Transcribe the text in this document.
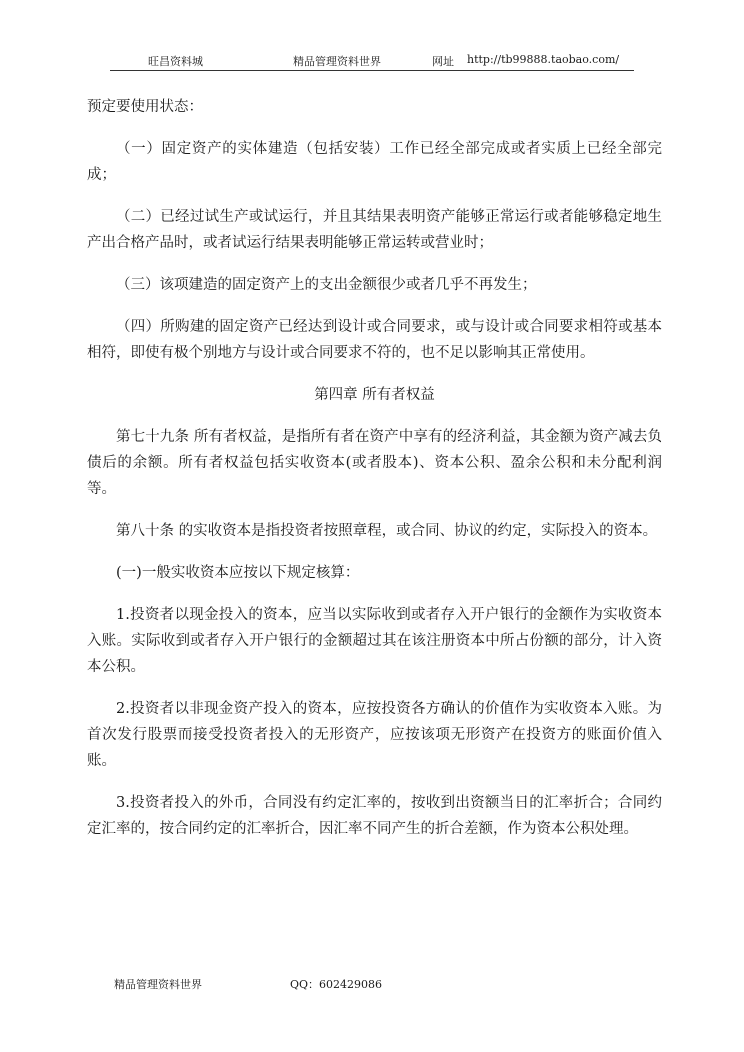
旺昌资料城	精品管理资料世界	网址 http://tb99888.taobao.com/

预定要使用状态：

（一）固定资产的实体建造（包括安装）工作已经全部完成或者实质上已经全部完成；

（二）已经过试生产或试运行，并且其结果表明资产能够正常运行或者能够稳定地生产出合格产品时，或者试运行结果表明能够正常运转或营业时；

（三）该项建造的固定资产上的支出金额很少或者几乎不再发生；

（四）所购建的固定资产已经达到设计或合同要求，或与设计或合同要求相符或基本相符，即使有极个别地方与设计或合同要求不符的，也不足以影响其正常使用。

第四章 所有者权益

第七十九条 所有者权益，是指所有者在资产中享有的经济利益，其金额为资产减去负债后的余额。所有者权益包括实收资本(或者股本)、资本公积、盈余公积和未分配利润等。

第八十条 的实收资本是指投资者按照章程，或合同、协议的约定，实际投入的资本。

(一)一般实收资本应按以下规定核算：

1.投资者以现金投入的资本，应当以实际收到或者存入开户银行的金额作为实收资本入账。实际收到或者存入开户银行的金额超过其在该注册资本中所占份额的部分，计入资本公积。

2.投资者以非现金资产投入的资本，应按投资各方确认的价值作为实收资本入账。为首次发行股票而接受投资者投入的无形资产，应按该项无形资产在投资方的账面价值入账。

3.投资者投入的外币，合同没有约定汇率的，按收到出资额当日的汇率折合；合同约定汇率的，按合同约定的汇率折合，因汇率不同产生的折合差额，作为资本公积处理。

精品管理资料世界	QQ：602429086
